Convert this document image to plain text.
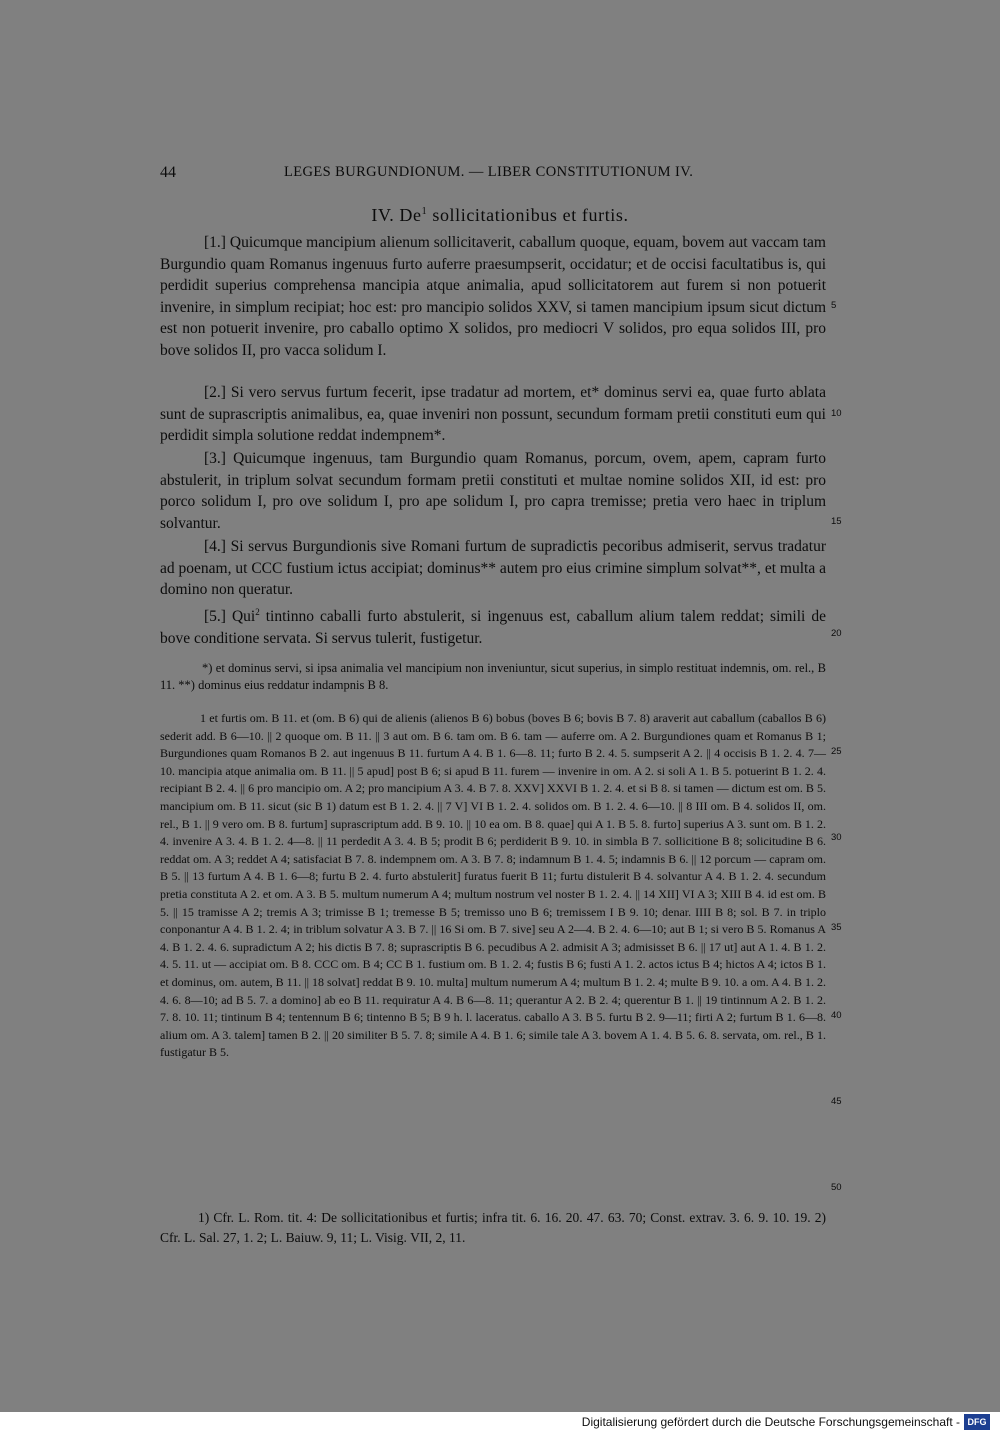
44	LEGES BURGUNDIONUM. — LIBER CONSTITUTIONUM IV.
IV. De$^1$ sollicitationibus et furtis.
[1.] Quicumque mancipium alienum sollicitaverit, caballum quoque, equam, bovem aut vaccam tam Burgundio quam Romanus ingenuus furto auferre praesumpserit, occidatur; et de occisi facultatibus is, qui perdidit superius comprehensa mancipia atque animalia, apud sollicitatorem aut furem si non potuerit invenire, in simplum recipiat; hoc est: pro mancipio solidos XXV, si tamen mancipium ipsum sicut dictum est non potuerit invenire, pro caballo optimo X solidos, pro mediocri V solidos, pro equa solidos III, pro bove solidos II, pro vacca solidum I.
[2.] Si vero servus furtum fecerit, ipse tradatur ad mortem, et* dominus servi ea, quae furto ablata sunt de suprascriptis animalibus, ea, quae inveniri non possunt, secundum formam pretii constituti eum qui perdidit simpla solutione reddat indempnem*.
[3.] Quicumque ingenuus, tam Burgundio quam Romanus, porcum, ovem, apem, capram furto abstulerit, in triplum solvat secundum formam pretii constituti et multae nomine solidos XII, id est: pro porco solidum I, pro ove solidum I, pro ape solidum I, pro capra tremisse; pretia vero haec in triplum solvantur.
[4.] Si servus Burgundionis sive Romani furtum de supradictis pecoribus admiserit, servus tradatur ad poenam, ut CCC fustium ictus accipiat; dominus** autem pro eius crimine simplum solvat**, et multa a domino non queratur.
[5.] Qui$^2$ tintinno caballi furto abstulerit, si ingenuus est, caballum alium talem reddat; simili de bove conditione servata. Si servus tulerit, fustigetur.
*) et dominus servi, si ipsa animalia vel mancipium non inveniuntur, sicut superius, in simplo restituat indemnis, om. rel., B 11. **) dominus eius reddatur indampnis B 8.
1 et furtis om. B 11. et (om. B 6) qui de alienis (alienos B 6) bobus (boves B 6; bovis B 7. 8) araverit aut caballum (caballos B 6) sederit add. B 6—10. || 2 quoque om. B 11. || 3 aut om. B 6. tam om. B 6. tam — auferre om. A 2. Burgundiones quam et Romanus B 1; Burgundiones quam Romanos B 2. aut ingenuus B 11. furtum A 4. B 1. 6—8. 11; furto B 2. 4. 5. sumpserit A 2. || 4 occisis B 1. 2. 4. 7—10. mancipia atque animalia om. B 11. || 5 apud] post B 6; si apud B 11. furem — invenire in om. A 2. si soli A 1. B 5. potuerint B 1. 2. 4. recipiant B 2. 4. || 6 pro mancipio om. A 2; pro mancipium A 3. 4. B 7. 8. XXV] XXVI B 1. 2. 4. et si B 8. si tamen — dictum est om. B 5. mancipium om. B 11. sicut (sic B 1) datum est B 1. 2. 4. || 7 V] VI B 1. 2. 4. solidos om. B 1. 2. 4. 6—10. || 8 III om. B 4. solidos II, om. rel., B 1. || 9 vero om. B 8. furtum] suprascriptum add. B 9. 10. || 10 ea om. B 8. quae] qui A 1. B 5. 8. furto] superius A 3. sunt om. B 1. 2. 4. invenire A 3. 4. B 1. 2. 4—8. || 11 perdedit A 3. 4. B 5; prodit B 6; perdiderit B 9. 10. in simbla B 7. sollicitione B 8; solicitudine B 6. reddat om. A 3; reddet A 4; satisfaciat B 7. 8. indempnem om. A 3. B 7. 8; indamnum B 1. 4. 5; indamnis B 6. || 12 porcum — capram om. B 5. || 13 furtum A 4. B 1. 6—8; furtu B 2. 4. furto abstulerit] furatus fuerit B 11; furtu distulerit B 4. solvantur A 4. B 1. 2. 4. secundum pretia constituta A 2. et om. A 3. B 5. multum numerum A 4; multum nostrum vel noster B 1. 2. 4. || 14 XII] VI A 3; XIII B 4. id est om. B 5. || 15 tramisse A 2; tremis A 3; trimisse B 1; tremesse B 5; tremisso uno B 6; tremissem I B 9. 10; denar. IIII B 8; sol. B 7. in triplo conponantur A 4. B 1. 2. 4; in triblum solvatur A 3. B 7. || 16 Si om. B 7. sive] seu A 2—4. B 2. 4. 6—10; aut B 1; si vero B 5. Romanus A 4. B 1. 2. 4. 6. supradictum A 2; his dictis B 7. 8; suprascriptis B 6. pecudibus A 2. admisit A 3; admisisset B 6. || 17 ut] aut A 1. 4. B 1. 2. 4. 5. 11. ut — accipiat om. B 8. CCC om. B 4; CC B 1. fustium om. B 1. 2. 4; fustis B 6; fusti A 1. 2. actos ictus B 4; hictos A 4; ictos B 1. et dominus, om. autem, B 11. || 18 solvat] reddat B 9. 10. multa] multum numerum A 4; multum B 1. 2. 4; multe B 9. 10. a om. A 4. B 1. 2. 4. 6. 8—10; ad B 5. 7. a domino] ab eo B 11. requiratur A 4. B 6—8. 11; querantur A 2. B 2. 4; querentur B 1. || 19 tintinnum A 2. B 1. 2. 7. 8. 10. 11; tintinum B 4; tentennum B 6; tintenno B 5; B 9 h. l. laceratus. caballo A 3. B 5. furtu B 2. 9—11; firti A 2; furtum B 1. 6—8. alium om. A 3. talem] tamen B 2. || 20 similiter B 5. 7. 8; simile A 4. B 1. 6; simile tale A 3. bovem A 1. 4. B 5. 6. 8. servata, om. rel., B 1. fustigatur B 5.
1) Cfr. L. Rom. tit. 4: De sollicitationibus et furtis; infra tit. 6. 16. 20. 47. 63. 70; Const. extrav. 3. 6. 9. 10. 19. 2) Cfr. L. Sal. 27, 1. 2; L. Baiuw. 9, 11; L. Visig. VII, 2, 11.
5
10
15
20
25
30
35
40
45
50
Digitalisierung gefördert durch die Deutsche Forschungsgemeinschaft - DFG
